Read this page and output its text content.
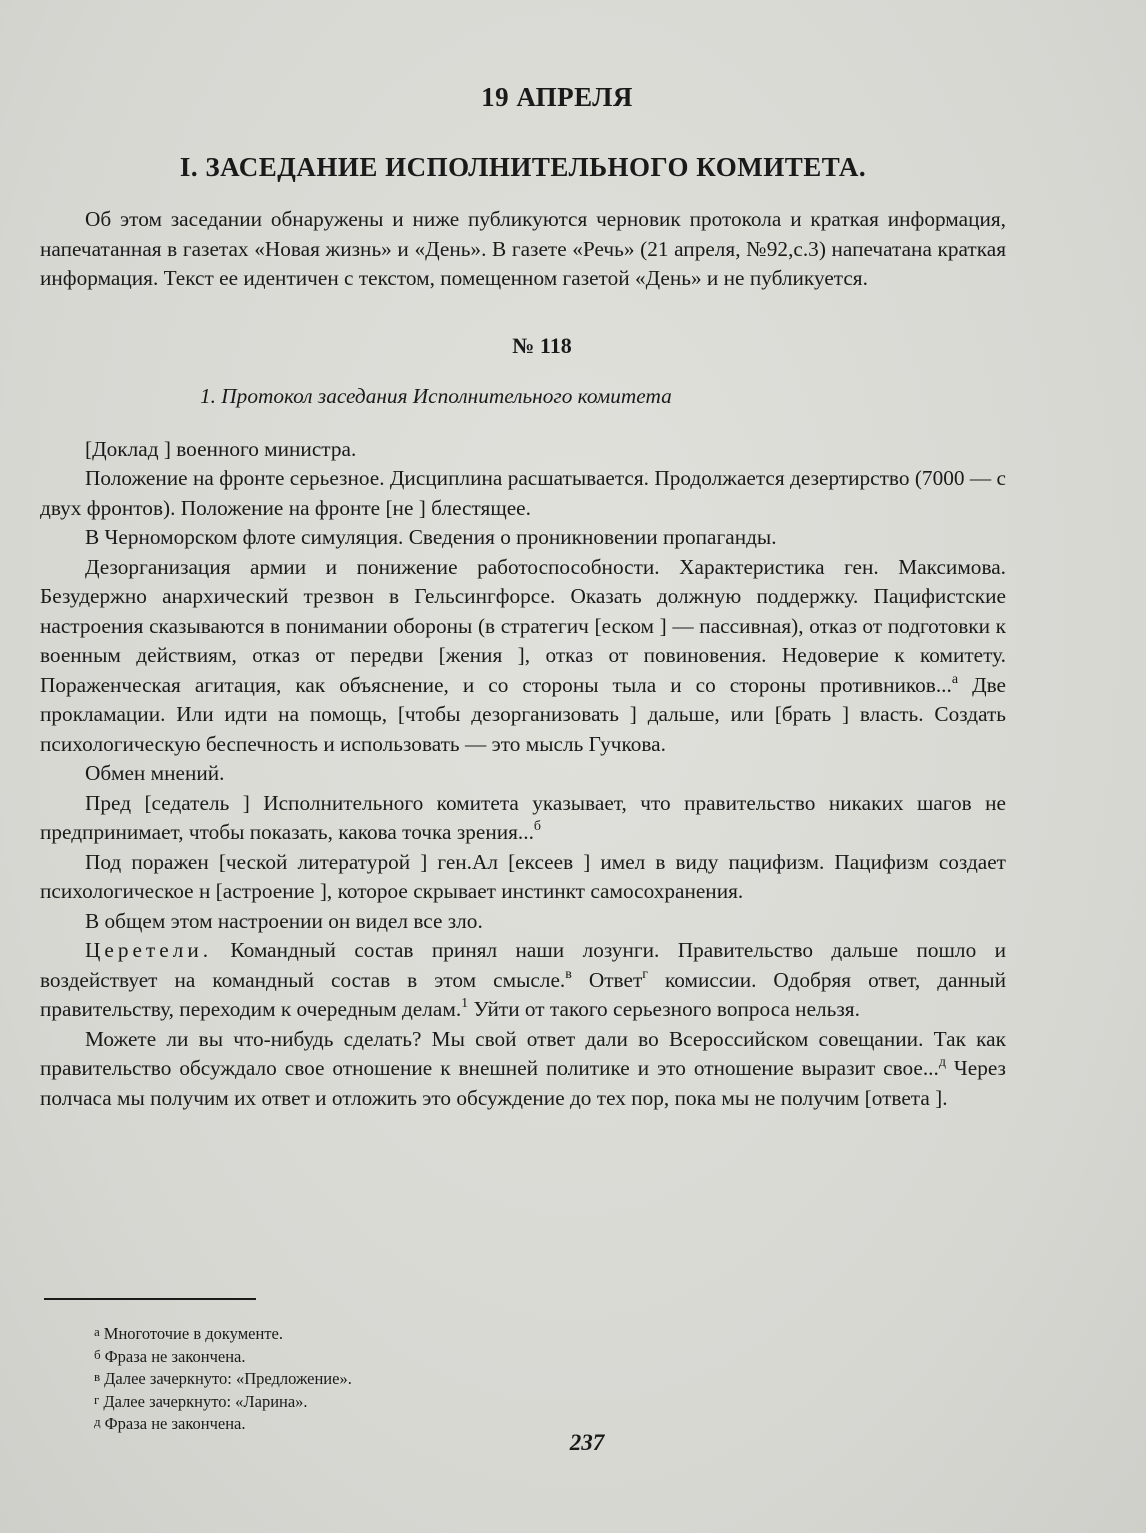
19 АПРЕЛЯ
I. ЗАСЕДАНИЕ ИСПОЛНИТЕЛЬНОГО КОМИТЕТА.

Об этом заседании обнаружены и ниже публикуются черновик протокола и краткая информация, напечатанная в газетах «Новая жизнь» и «День». В газете «Речь» (21 апреля, №92,с.3) напечатана краткая информация. Текст ее идентичен с текстом, помещенном газетой «День» и не публикуется.

№ 118
1. Протокол заседания Исполнительного комитета

[Доклад ] военного министра.

Положение на фронте серьезное. Дисциплина расшатывается. Продолжается дезертирство (7000 — с двух фронтов). Положение на фронте [не ] блестящее.

В Черноморском флоте симуляция. Сведения о проникновении пропаганды.

Дезорганизация армии и понижение работоспособности. Характеристика ген. Максимова. Безудержно анархический трезвон в Гельсингфорсе. Оказать должную поддержку. Пацифистские настроения сказываются в понимании обороны (в стратегич [еском ] — пассивная), отказ от подготовки к военным действиям, отказ от передви [жения ], отказ от повиновения. Недоверие к комитету. Пораженческая агитация, как объяснение, и со стороны тыла и со стороны противников...$^а$ Две прокламации. Или идти на помощь, [чтобы дезорганизовать ] дальше, или [брать ] власть. Создать психологическую беспечность и использовать — это мысль Гучкова.

Обмен мнений.

Пред [седатель ] Исполнительного комитета указывает, что правительство никаких шагов не предпринимает, чтобы показать, какова точка зрения...$^б$

Под поражен [ческой литературой ] ген.Ал [ексеев ] имел в виду пацифизм. Пацифизм создает психологическое н [астроение ], которое скрывает инстинкт самосохранения.

В общем этом настроении он видел все зло.

Церетели. Командный состав принял наши лозунги. Правительство дальше пошло и воздействует на командный состав в этом смысле.$^в$ Ответ$^г$ комиссии. Одобряя ответ, данный правительству, переходим к очередным делам.$^1$ Уйти от такого серьезного вопроса нельзя.

Можете ли вы что-нибудь сделать? Мы свой ответ дали во Всероссийском совещании. Так как правительство обсуждало свое отношение к внешней политике и это отношение выразит свое...$^д$ Через полчаса мы получим их ответ и отложить это обсуждение до тех пор, пока мы не получим [ответа ].

а Многоточие в документе.
б Фраза не закончена.
в Далее зачеркнуто: «Предложение».
г Далее зачеркнуто: «Ларина».
д Фраза не закончена.
237
